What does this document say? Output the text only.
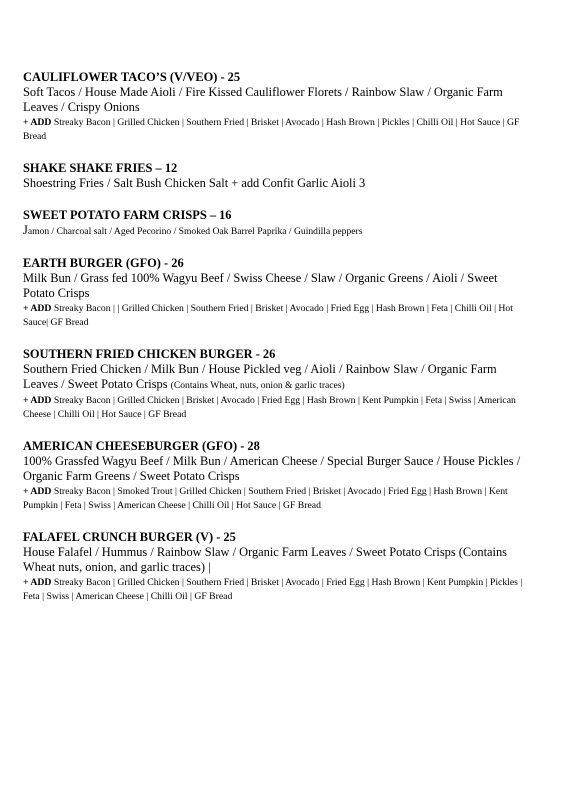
CAULIFLOWER TACO’S (V/VEO) - 25

Soft Tacos / House Made Aioli / Fire Kissed Cauliflower Florets / Rainbow Slaw / Organic Farm Leaves / Crispy Onions

+ ADD Streaky Bacon | Grilled Chicken | Southern Fried | Brisket | Avocado | Hash Brown | Pickles | Chilli Oil | Hot Sauce | GF Bread

SHAKE SHAKE FRIES – 12

Shoestring Fries / Salt Bush Chicken Salt + add Confit Garlic Aioli 3

SWEET POTATO FARM CRISPS – 16

Jamon / Charcoal salt / Aged Pecorino / Smoked Oak Barrel Paprika / Guindilla peppers

EARTH BURGER (GFO) - 26

Milk Bun / Grass fed 100% Wagyu Beef / Swiss Cheese / Slaw / Organic Greens / Aioli / Sweet Potato Crisps

+ ADD Streaky Bacon | | Grilled Chicken | Southern Fried | Brisket | Avocado | Fried Egg | Hash Brown | Feta | Chilli Oil | Hot Sauce| GF Bread

SOUTHERN FRIED CHICKEN BURGER - 26

Southern Fried Chicken / Milk Bun / House Pickled veg / Aioli / Rainbow Slaw / Organic Farm Leaves / Sweet Potato Crisps (Contains Wheat, nuts, onion & garlic traces)

+ ADD Streaky Bacon | Grilled Chicken | Brisket | Avocado | Fried Egg | Hash Brown | Kent Pumpkin | Feta | Swiss | American Cheese | Chilli Oil | Hot Sauce | GF Bread

AMERICAN CHEESEBURGER (GFO) - 28

100% Grassfed Wagyu Beef / Milk Bun / American Cheese / Special Burger Sauce / House Pickles / Organic Farm Greens / Sweet Potato Crisps

+ ADD Streaky Bacon | Smoked Trout | Grilled Chicken | Southern Fried | Brisket | Avocado | Fried Egg | Hash Brown | Kent Pumpkin | Feta | Swiss | American Cheese | Chilli Oil | Hot Sauce | GF Bread

FALAFEL CRUNCH BURGER (V) - 25

House Falafel / Hummus / Rainbow Slaw / Organic Farm Leaves / Sweet Potato Crisps (Contains Wheat nuts, onion, and garlic traces) |

+ ADD Streaky Bacon | Grilled Chicken | Southern Fried | Brisket | Avocado | Fried Egg | Hash Brown | Kent Pumpkin | Pickles | Feta | Swiss | American Cheese | Chilli Oil | GF Bread
